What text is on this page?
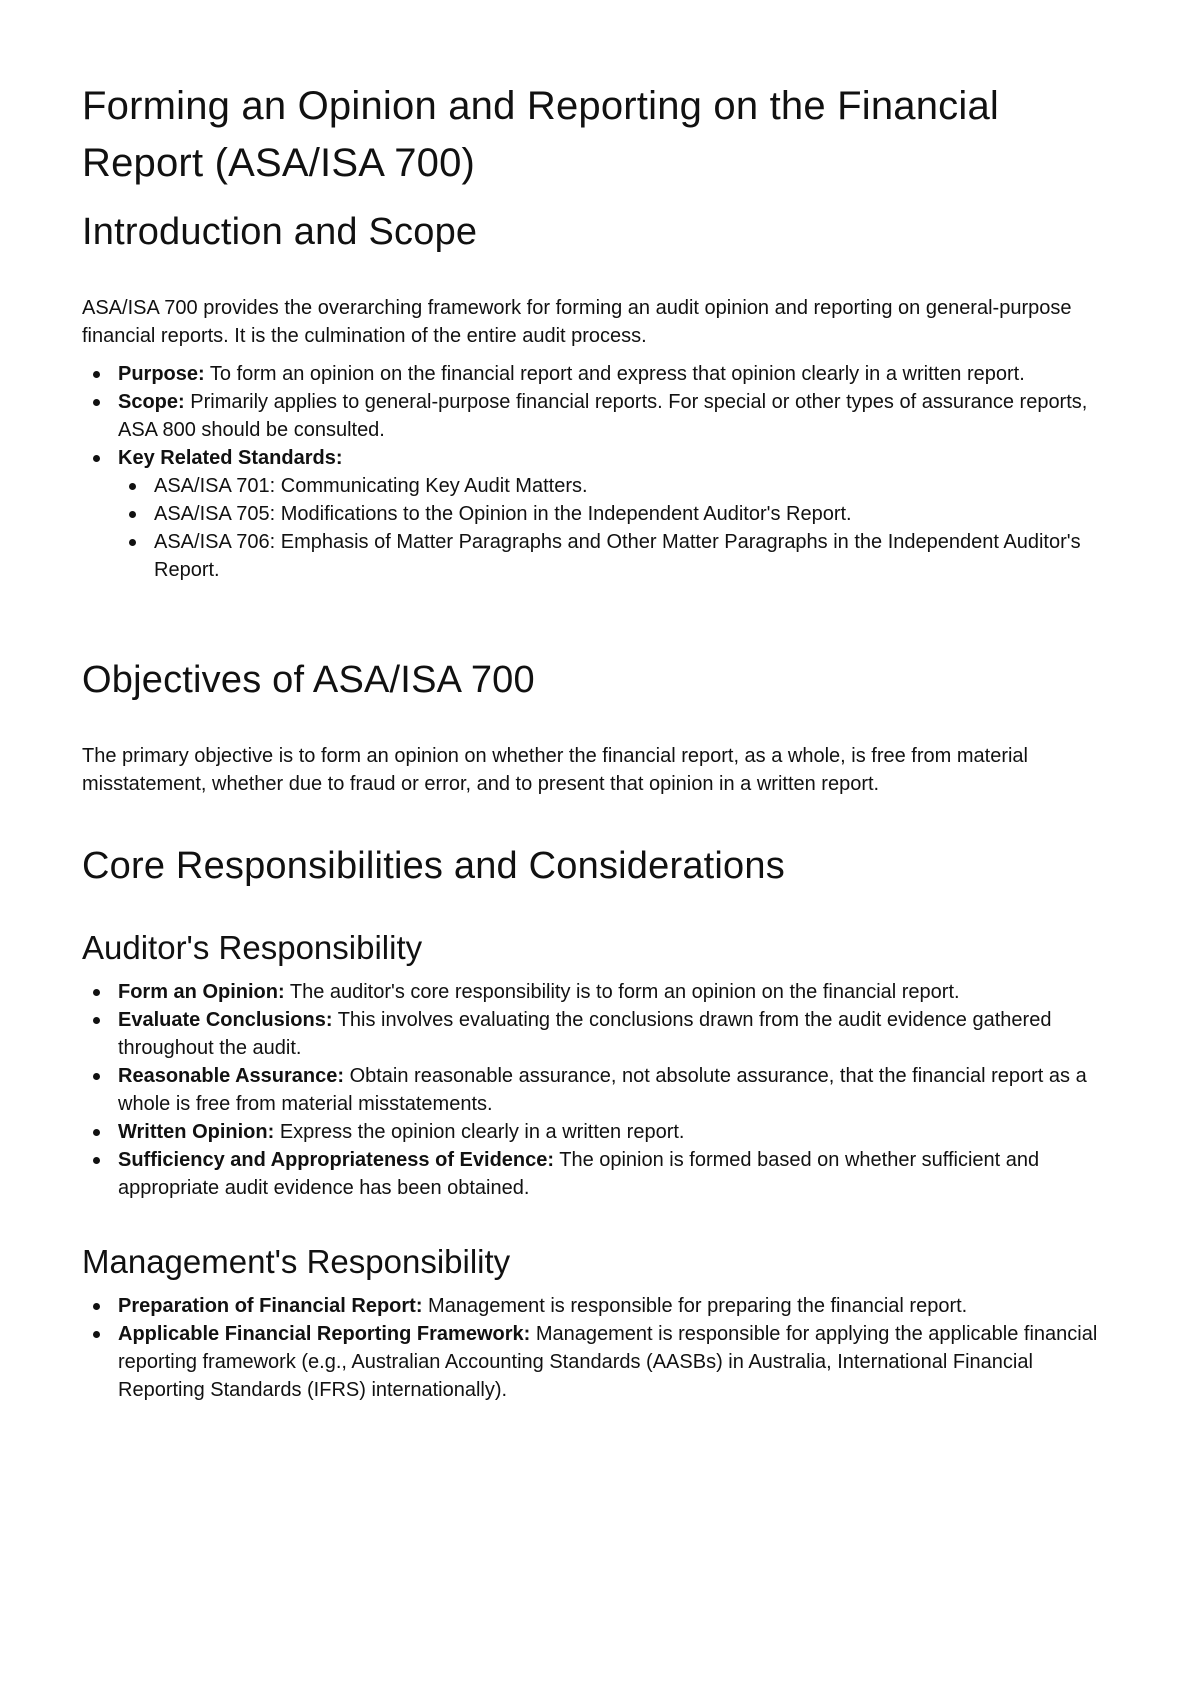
Forming an Opinion and Reporting on the Financial Report (ASA/ISA 700)
Introduction and Scope

ASA/ISA 700 provides the overarching framework for forming an audit opinion and reporting on general-purpose financial reports. It is the culmination of the entire audit process.

Purpose: To form an opinion on the financial report and express that opinion clearly in a written report.
Scope: Primarily applies to general-purpose financial reports. For special or other types of assurance reports, ASA 800 should be consulted.
Key Related Standards:
ASA/ISA 701: Communicating Key Audit Matters.
ASA/ISA 705: Modifications to the Opinion in the Independent Auditor's Report.
ASA/ISA 706: Emphasis of Matter Paragraphs and Other Matter Paragraphs in the Independent Auditor's Report.
Objectives of ASA/ISA 700

The primary objective is to form an opinion on whether the financial report, as a whole, is free from material misstatement, whether due to fraud or error, and to present that opinion in a written report.

Core Responsibilities and Considerations
Auditor's Responsibility
Form an Opinion: The auditor's core responsibility is to form an opinion on the financial report.
Evaluate Conclusions: This involves evaluating the conclusions drawn from the audit evidence gathered throughout the audit.
Reasonable Assurance: Obtain reasonable assurance, not absolute assurance, that the financial report as a whole is free from material misstatements.
Written Opinion: Express the opinion clearly in a written report.
Sufficiency and Appropriateness of Evidence: The opinion is formed based on whether sufficient and appropriate audit evidence has been obtained.
Management's Responsibility
Preparation of Financial Report: Management is responsible for preparing the financial report.
Applicable Financial Reporting Framework: Management is responsible for applying the applicable financial reporting framework (e.g., Australian Accounting Standards (AASBs) in Australia, International Financial Reporting Standards (IFRS) internationally).
